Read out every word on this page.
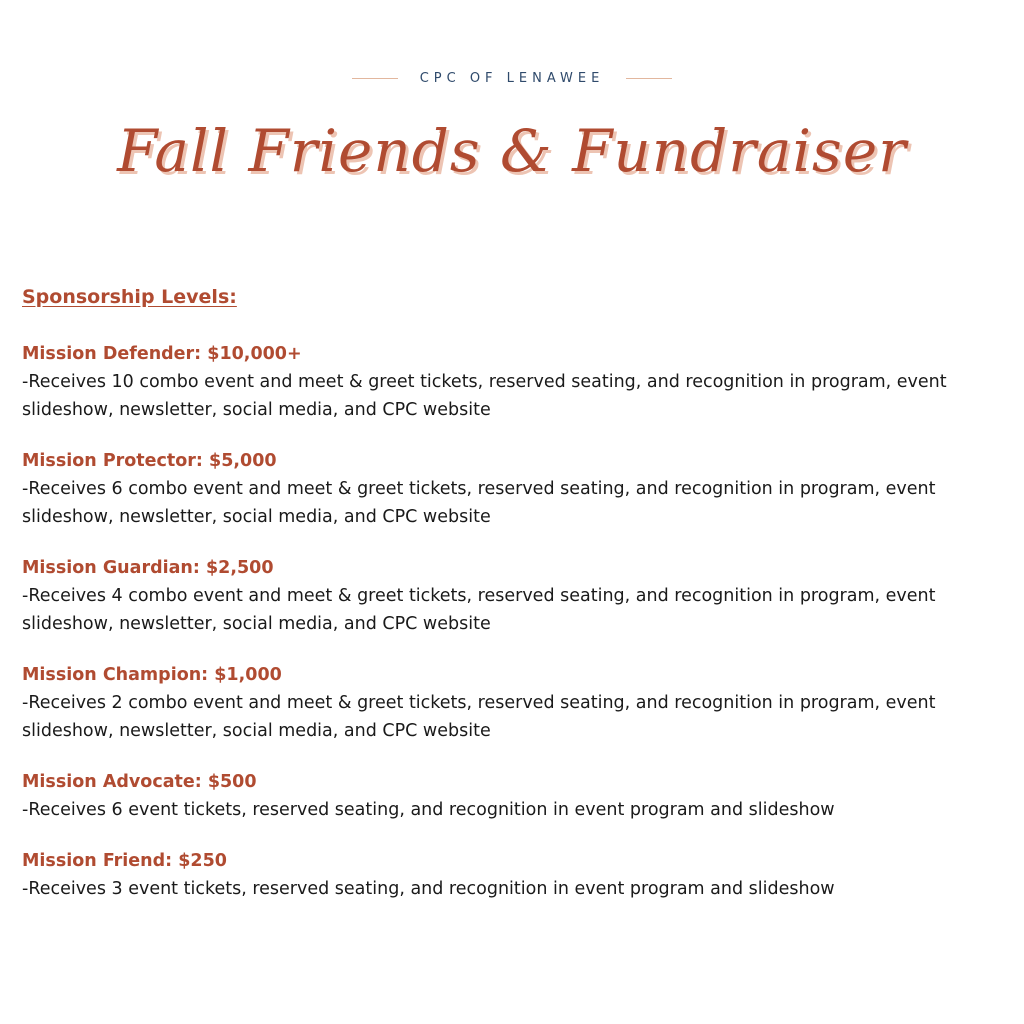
CPC OF LENAWEE
Fall Friends & Fundraiser
Sponsorship Levels:
Mission Defender: $10,000+
-Receives 10 combo event and meet & greet tickets, reserved seating, and recognition in program, event slideshow, newsletter, social media, and CPC website
Mission Protector: $5,000
-Receives 6 combo event and meet & greet tickets, reserved seating, and recognition in program, event slideshow, newsletter, social media, and CPC website
Mission Guardian: $2,500
-Receives 4 combo event and meet & greet tickets, reserved seating, and recognition in program, event slideshow, newsletter, social media, and CPC website
Mission Champion: $1,000
-Receives 2 combo event and meet & greet tickets, reserved seating, and recognition in program, event slideshow, newsletter, social media, and CPC website
Mission Advocate: $500
-Receives 6 event tickets, reserved seating, and recognition in event program and slideshow
Mission Friend: $250
-Receives 3 event tickets, reserved seating, and recognition in event program and slideshow
